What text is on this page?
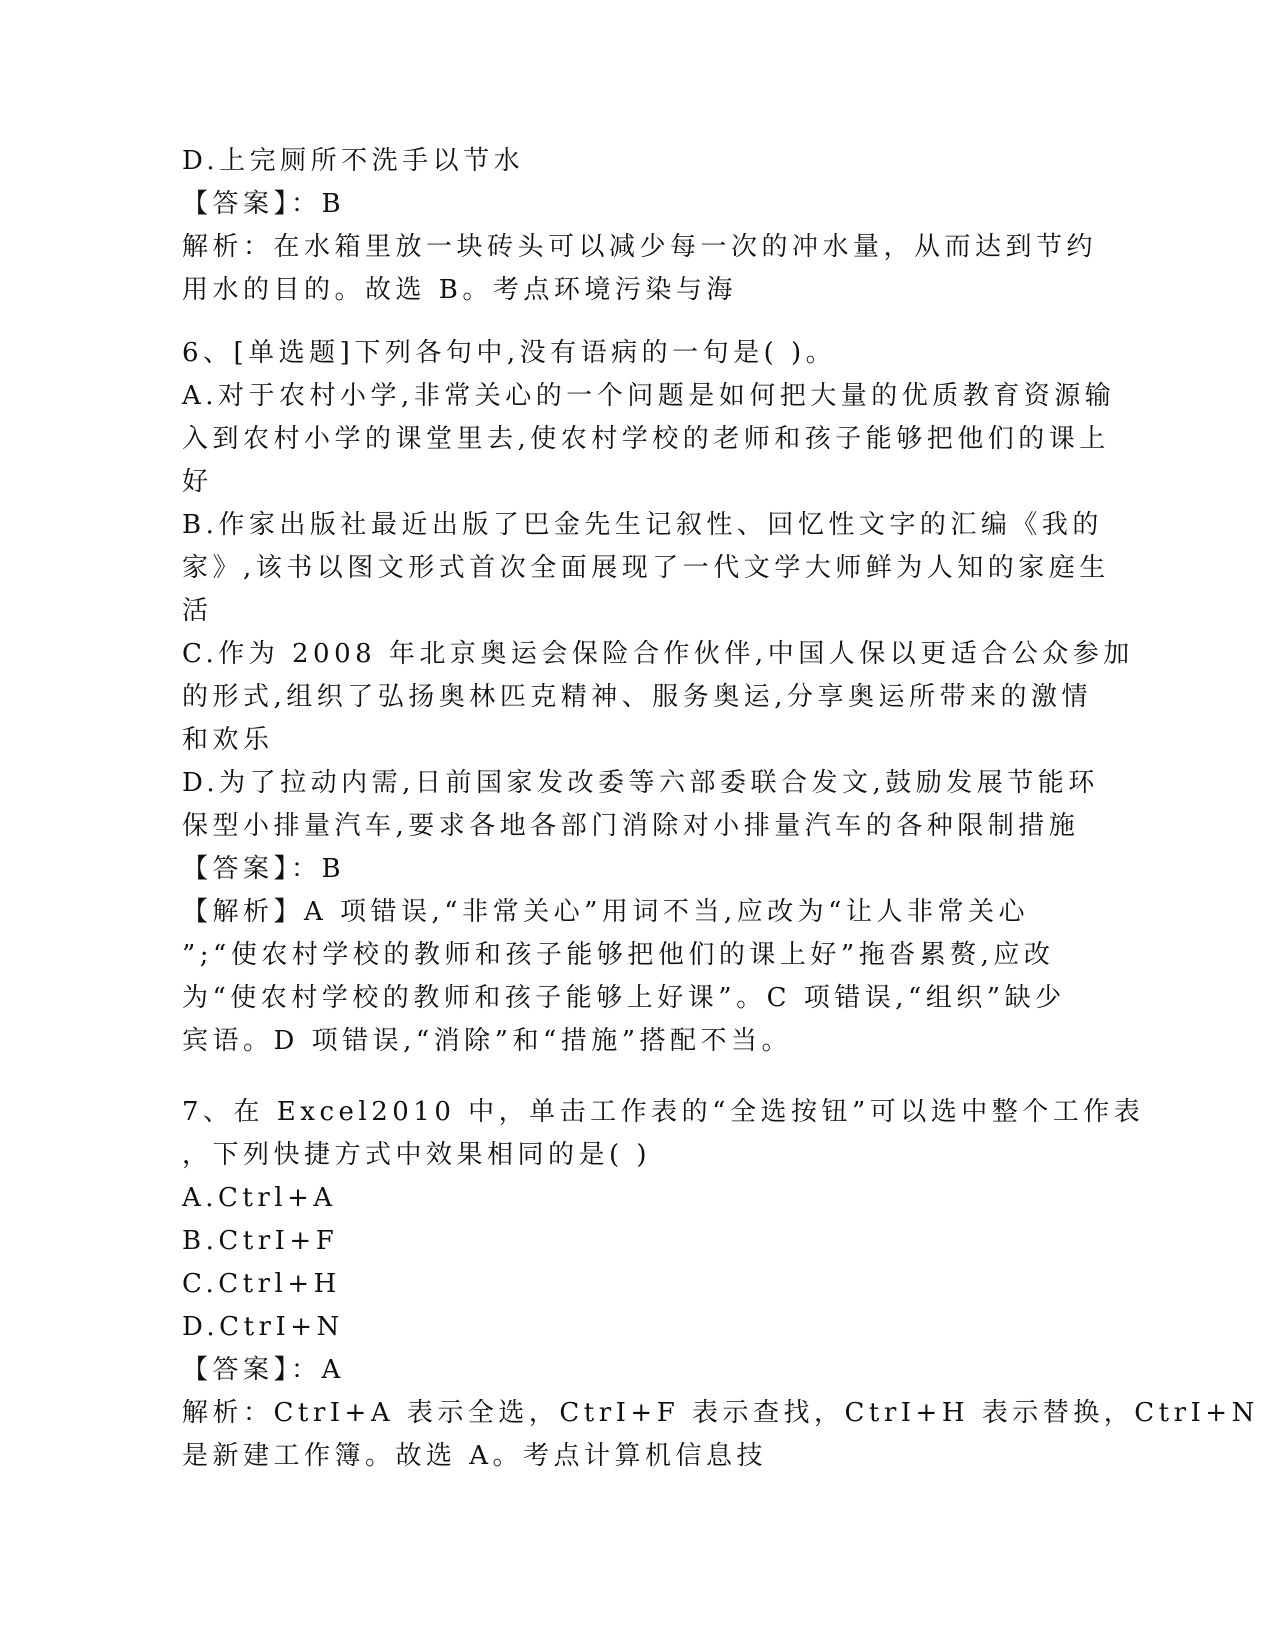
D.上完厕所不洗手以节水
【答案】：B
解析：在水箱里放一块砖头可以减少每一次的冲水量，从而达到节约
用水的目的。故选 B。考点环境污染与海
6、[单选题]下列各句中,没有语病的一句是( )。
A.对于农村小学,非常关心的一个问题是如何把大量的优质教育资源输
入到农村小学的课堂里去,使农村学校的老师和孩子能够把他们的课上
好
B.作家出版社最近出版了巴金先生记叙性、回忆性文字的汇编《我的
家》,该书以图文形式首次全面展现了一代文学大师鲜为人知的家庭生
活
C.作为 2008 年北京奥运会保险合作伙伴,中国人保以更适合公众参加
的形式,组织了弘扬奥林匹克精神、服务奥运,分享奥运所带来的激情
和欢乐
D.为了拉动内需,日前国家发改委等六部委联合发文,鼓励发展节能环
保型小排量汽车,要求各地各部门消除对小排量汽车的各种限制措施
【答案】：B
【解析】A 项错误,“非常关心”用词不当,应改为“让人非常关心
”;“使农村学校的教师和孩子能够把他们的课上好”拖沓累赘,应改
为“使农村学校的教师和孩子能够上好课”。C 项错误,“组织”缺少
宾语。D 项错误,“消除”和“措施”搭配不当。
7、在 Excel2010 中，单击工作表的“全选按钮”可以选中整个工作表
，下列快捷方式中效果相同的是( )
A.Ctrl+A
B.CtrI+F
C.Ctrl+H
D.CtrI+N
【答案】：A
解析：CtrI+A 表示全选，CtrI+F 表示查找，CtrI+H 表示替换，CtrI+N
是新建工作簿。故选 A。考点计算机信息技
